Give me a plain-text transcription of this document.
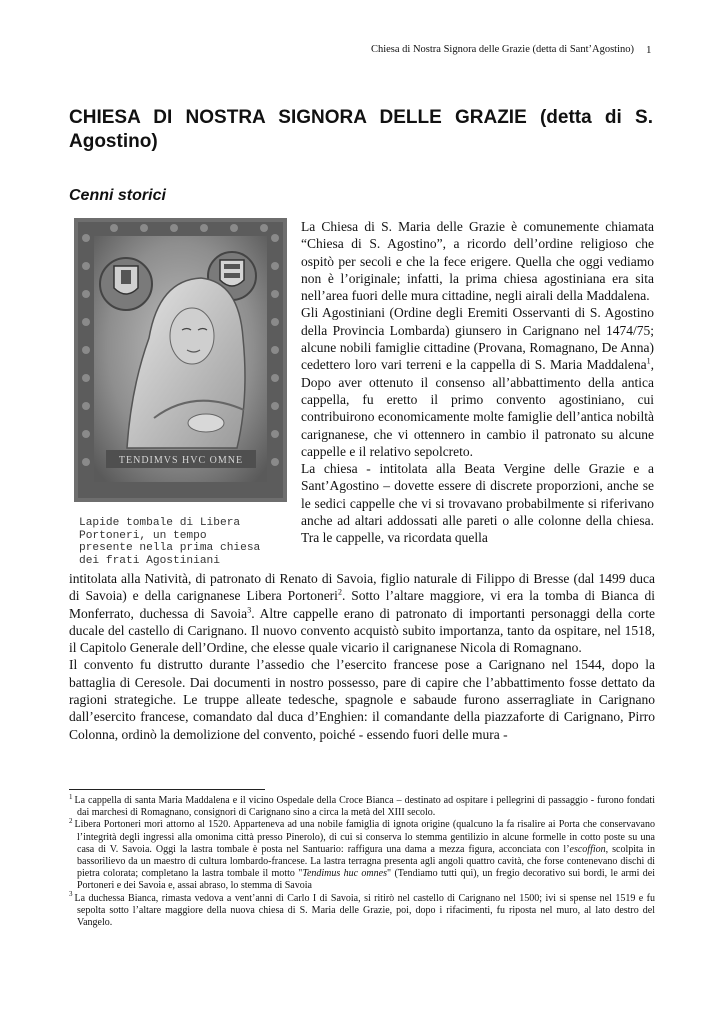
Chiesa di Nostra Signora delle Grazie (detta di Sant’Agostino) 1
CHIESA DI NOSTRA SIGNORA DELLE GRAZIE (detta di S. Agostino)
Cenni storici
TENDIMVS HVC OMNE

Lapide tombale di Libera
Portoneri, un tempo
presente nella prima chiesa
dei frati Agostiniani

La Chiesa di S. Maria delle Grazie è comunemente chiamata “Chiesa di S. Agostino”, a ricordo dell’ordine religioso che ospitò per secoli e che la fece erigere. Quella che oggi vediamo non è l’originale; infatti, la prima chiesa agostiniana era sita nell’area fuori delle mura cittadine, negli airali della Maddalena.

Gli Agostiniani (Ordine degli Eremiti Osservanti di S. Agostino della Provincia Lombarda) giunsero in Carignano nel 1474/75; alcune nobili famiglie cittadine (Provana, Romagnano, De Anna) cedettero loro vari terreni e la cappella di S. Maria Maddalena$^1$, Dopo aver ottenuto il consenso all’abbattimento della antica cappella, fu eretto il primo convento agostiniano, cui contribuirono economicamente molte famiglie dell’antica nobiltà carignanese, che vi ottennero in cambio il patronato su alcune cappelle e il relativo sepolcreto.

La chiesa - intitolata alla Beata Vergine delle Grazie e a Sant’Agostino – dovette essere di discrete proporzioni, anche se le sedici cappelle che vi si trovavano probabilmente si riferivano anche ad altari addossati alle pareti o alle colonne della chiesa. Tra le cappelle, va ricordata quella

intitolata alla Natività, di patronato di Renato di Savoia, figlio naturale di Filippo di Bresse (dal 1499 duca di Savoia) e della carignanese Libera Portoneri$^2$. Sotto l’altare maggiore, vi era la tomba di Bianca di Monferrato, duchessa di Savoia$^3$. Altre cappelle erano di patronato di importanti personaggi della corte ducale del castello di Carignano. Il nuovo convento acquistò subito importanza, tanto da ospitare, nel 1518, il Capitolo Generale dell’Ordine, che elesse quale vicario il carignanese Nicola di Romagnano.

Il convento fu distrutto durante l’assedio che l’esercito francese pose a Carignano nel 1544, dopo la battaglia di Ceresole. Dai documenti in nostro possesso, pare di capire che l’abbattimento fosse dettato da ragioni strategiche. Le truppe alleate tedesche, spagnole e sabaude furono asserragliate in Carignano dall’esercito francese, comandato dal duca d’Enghien: il comandante della piazzaforte di Carignano, Pirro Colonna, ordinò la demolizione del convento, poiché - essendo fuori delle mura -

$^1$ La cappella di santa Maria Maddalena e il vicino Ospedale della Croce Bianca – destinato ad ospitare i pellegrini di passaggio - furono fondati dai marchesi di Romagnano, consignori di Carignano sino a circa la metà del XIII secolo.

$^2$ Libera Portoneri morì attorno al 1520. Apparteneva ad una nobile famiglia di ignota origine (qualcuno la fa risalire ai Porta che conservavano l’integrità degli ingressi alla omonima città presso Pinerolo), di cui si conserva lo stemma gentilizio in alcune formelle in cotto poste su una casa di V. Savoia. Oggi la lastra tombale è posta nel Santuario: raffigura una dama a mezza figura, acconciata con l’escoffion, scolpita in bassorilievo da un maestro di cultura lombardo-francese. La lastra terragna presenta agli angoli quattro cavità, che forse contenevano dischi di pietra colorata; completano la lastra tombale il motto "Tendimus huc omnes" (Tendiamo tutti qui), un fregio decorativo sui bordi, le armi dei Portoneri e dei Savoia e, assai abraso, lo stemma di Savoia

$^3$ La duchessa Bianca, rimasta vedova a vent’anni di Carlo I di Savoia, si ritirò nel castello di Carignano nel 1500; ivi si spense nel 1519 e fu sepolta sotto l’altare maggiore della nuova chiesa di S. Maria delle Grazie, poi, dopo i rifacimenti, fu riposta nel muro, al lato destro del Vangelo.
